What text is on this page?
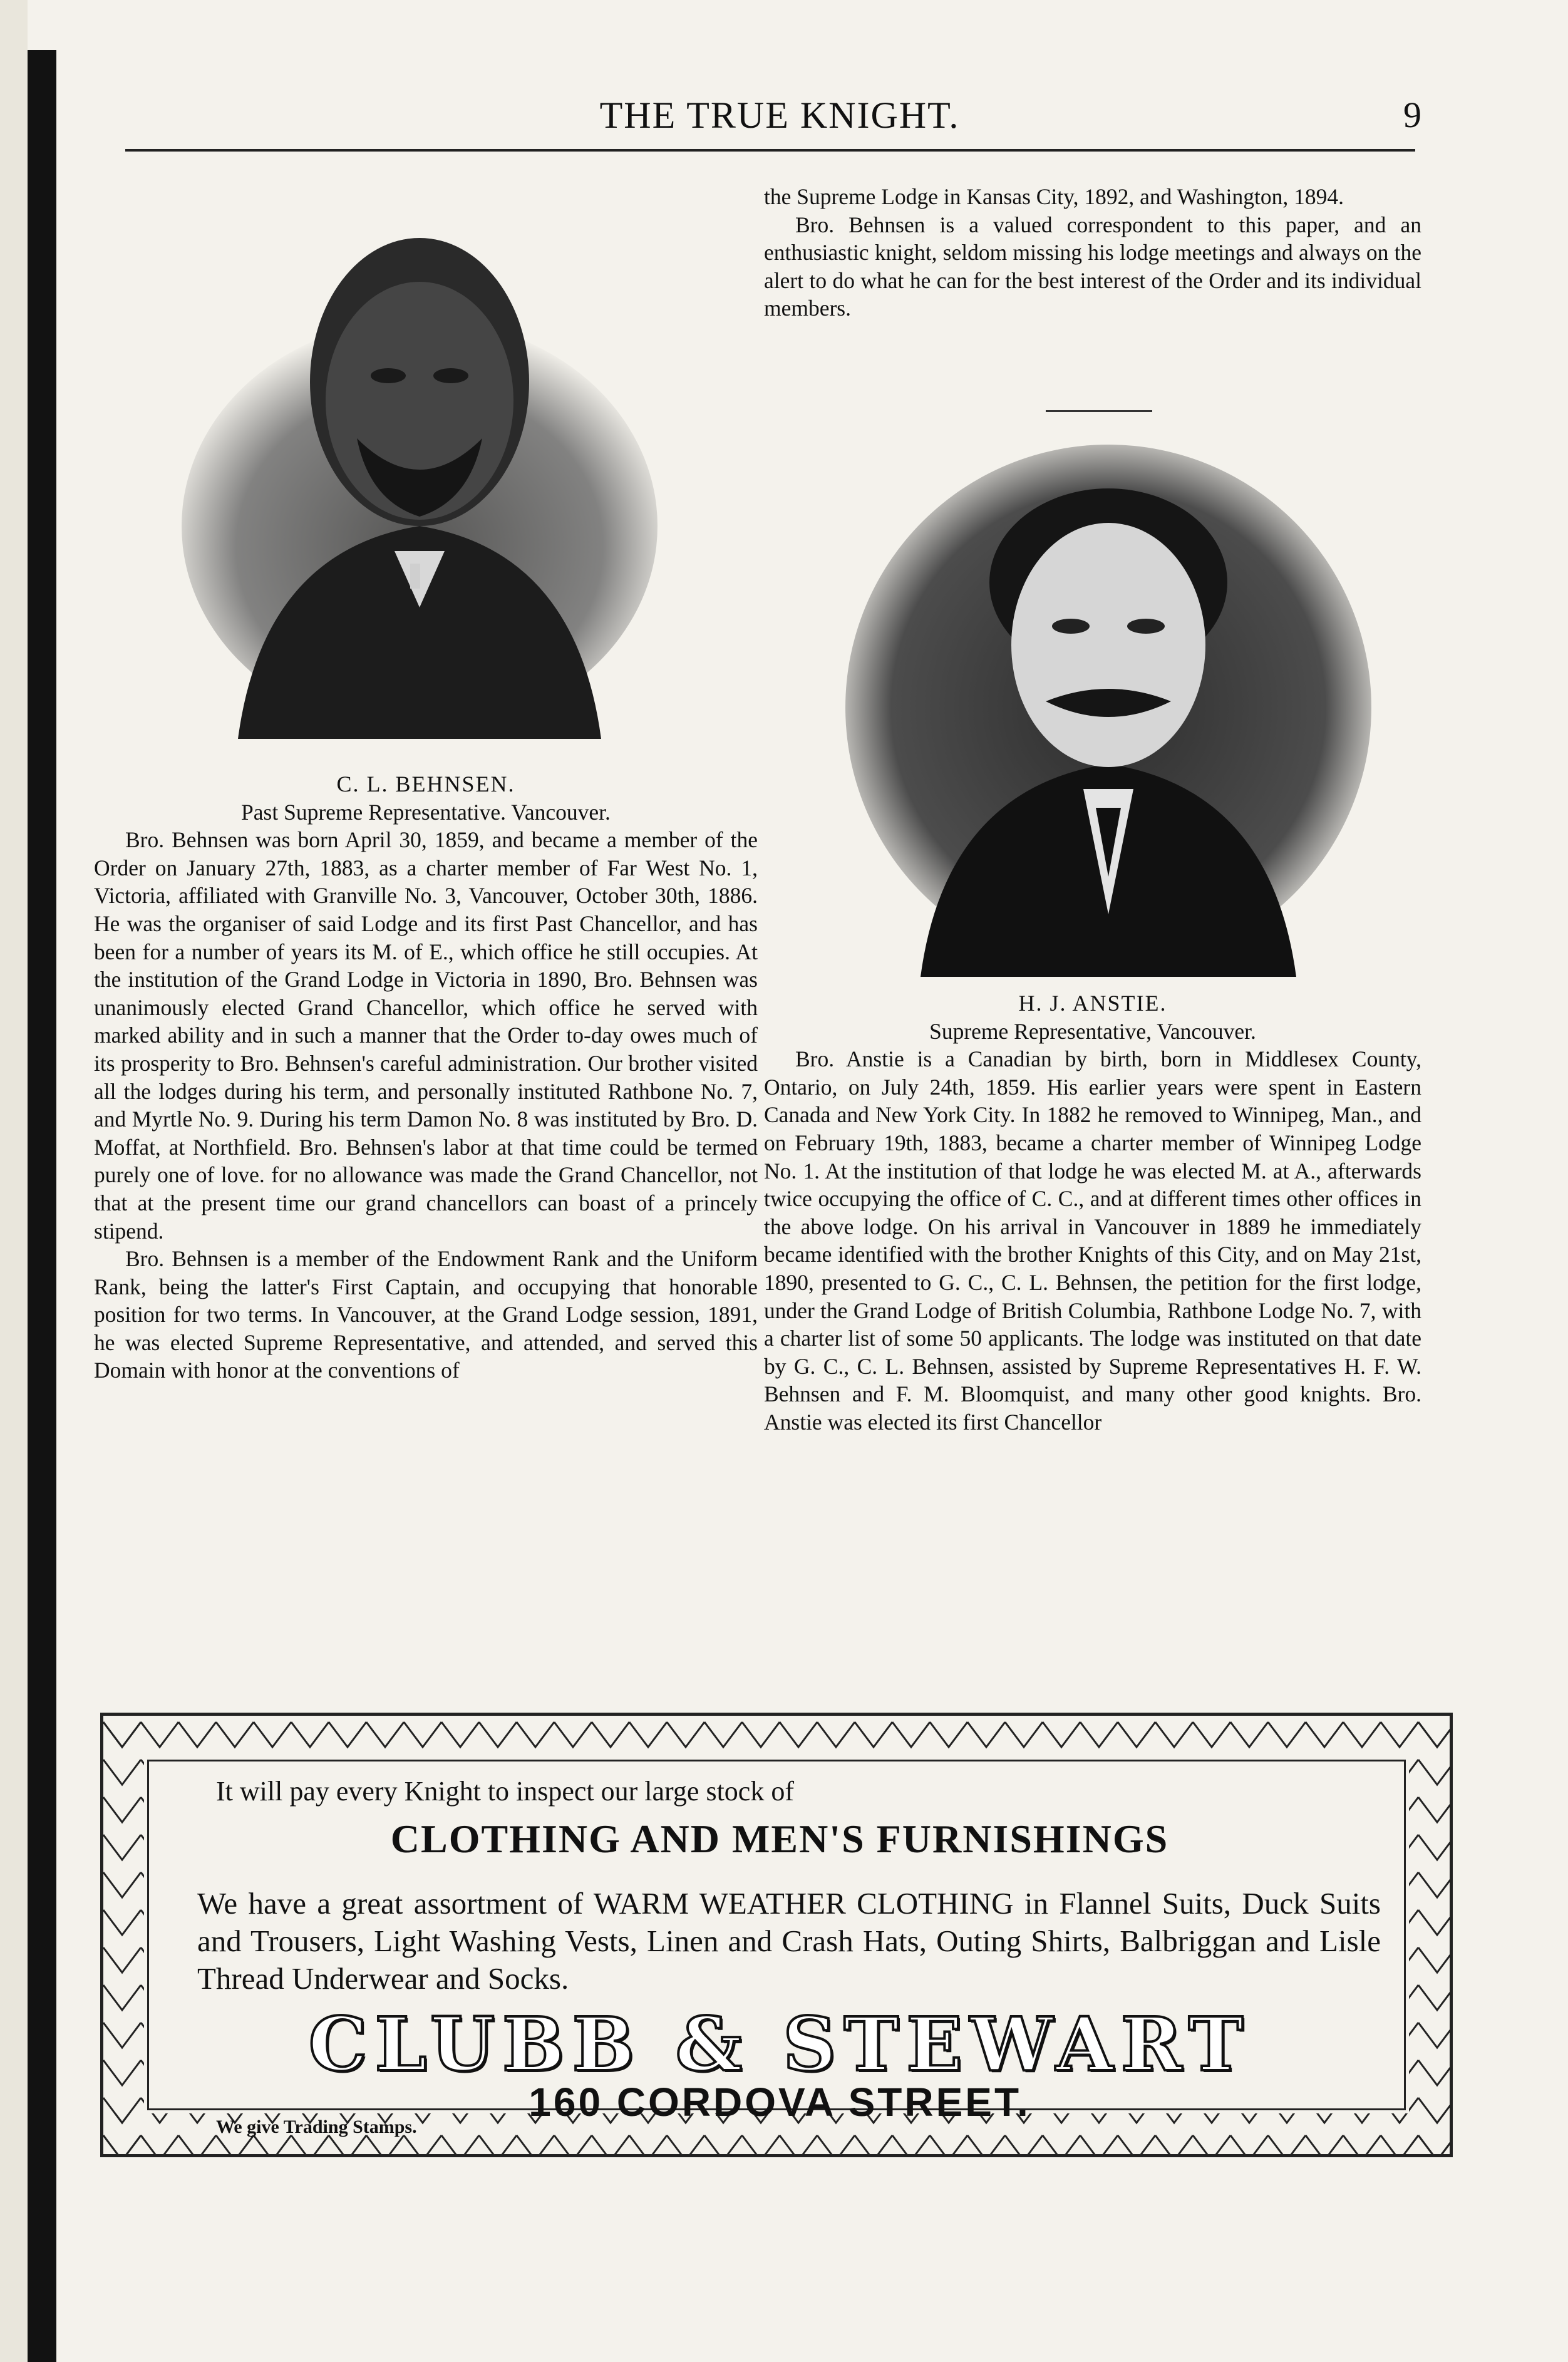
THE TRUE KNIGHT.	9

the Supreme Lodge in Kansas City, 1892, and Washington, 1894.

Bro. Behnsen is a valued correspondent to this paper, and an enthusiastic knight, seldom missing his lodge meetings and always on the alert to do what he can for the best interest of the Order and its individual members.

C. L. BEHNSEN.

Past Supreme Representative. Vancouver.

Bro. Behnsen was born April 30, 1859, and became a member of the Order on January 27th, 1883, as a charter member of Far West No. 1, Victoria, affiliated with Granville No. 3, Vancouver, October 30th, 1886. He was the organiser of said Lodge and its first Past Chancellor, and has been for a number of years its M. of E., which office he still occupies. At the institution of the Grand Lodge in Victoria in 1890, Bro. Behnsen was unanimously elected Grand Chancellor, which office he served with marked ability and in such a manner that the Order to-day owes much of its prosperity to Bro. Behnsen's careful administration. Our brother visited all the lodges during his term, and personally instituted Rathbone No. 7, and Myrtle No. 9. During his term Damon No. 8 was instituted by Bro. D. Moffat, at Northfield. Bro. Behnsen's labor at that time could be termed purely one of love. for no allowance was made the Grand Chancellor, not that at the present time our grand chancellors can boast of a princely stipend.

Bro. Behnsen is a member of the Endowment Rank and the Uniform Rank, being the latter's First Captain, and occupying that honorable position for two terms. In Vancouver, at the Grand Lodge session, 1891, he was elected Supreme Representative, and attended, and served this Domain with honor at the conventions of

H. J. ANSTIE.

Supreme Representative, Vancouver.

Bro. Anstie is a Canadian by birth, born in Middlesex County, Ontario, on July 24th, 1859. His earlier years were spent in Eastern Canada and New York City. In 1882 he removed to Winnipeg, Man., and on February 19th, 1883, became a charter member of Winnipeg Lodge No. 1. At the institution of that lodge he was elected M. at A., afterwards twice occupying the office of C. C., and at different times other offices in the above lodge. On his arrival in Vancouver in 1889 he immediately became identified with the brother Knights of this City, and on May 21st, 1890, presented to G. C., C. L. Behnsen, the petition for the first lodge, under the Grand Lodge of British Columbia, Rathbone Lodge No. 7, with a charter list of some 50 applicants. The lodge was instituted on that date by G. C., C. L. Behnsen, assisted by Supreme Representatives H. F. W. Behnsen and F. M. Bloomquist, and many other good knights. Bro. Anstie was elected its first Chancellor

It will pay every Knight to inspect our large stock of
CLOTHING AND MEN'S FURNISHINGS
We have a great assortment of WARM WEATHER CLOTHING in Flannel Suits, Duck Suits and Trousers, Light Washing Vests, Linen and Crash Hats, Outing Shirts, Balbriggan and Lisle Thread Underwear and Socks.
CLUBB & STEWART
160 CORDOVA STREET.
We give Trading Stamps.
